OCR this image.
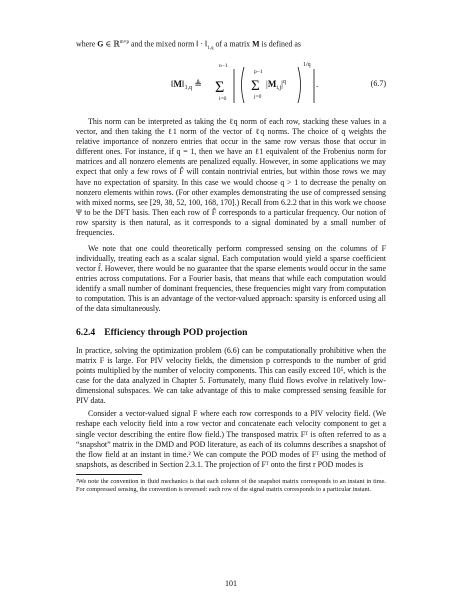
where G ∈ ℝ$^{m\times p}$ and the mixed norm ‖ · $‖_{1,q}$ of a matrix M is defined as

$‖M‖_{1,q}$ ≜
n−1
Σ
i=0
p−1
Σ
j=0
$|M_{i,j}|^q$
1/q
.	(6.7)

This norm can be interpreted as taking the ℓq norm of each row, stacking these values in a vector, and then taking the ℓ1 norm of the vector of ℓq norms. The choice of q weights the relative importance of nonzero entries that occur in the same row versus those that occur in different ones. For instance, if q = 1, then we have an ℓ1 equivalent of the Frobenius norm for matrices and all nonzero elements are penalized equally. However, in some applications we may expect that only a few rows of F̂ will contain nontrivial entries, but within those rows we may have no expectation of sparsity. In this case we would choose q > 1 to decrease the penalty on nonzero elements within rows. (For other examples demonstrating the use of compressed sensing with mixed norms, see [29, 38, 52, 100, 168, 170].) Recall from 6.2.2 that in this work we choose Ψ to be the DFT basis. Then each row of F̂ corresponds to a particular frequency. Our notion of row sparsity is then natural, as it corresponds to a signal dominated by a small number of frequencies.

We note that one could theoretically perform compressed sensing on the columns of F individually, treating each as a scalar signal. Each computation would yield a sparse coefficient vector f̂. However, there would be no guarantee that the sparse elements would occur in the same entries across computations. For a Fourier basis, that means that while each computation would identify a small number of dominant frequencies, these frequencies might vary from computation to computation. This is an advantage of the vector-valued approach: sparsity is enforced using all of the data simultaneously.

6.2.4 Efficiency through POD projection

In practice, solving the optimization problem (6.6) can be computationally prohibitive when the matrix F is large. For PIV velocity fields, the dimension p corresponds to the number of grid points multiplied by the number of velocity components. This can easily exceed 10⁵, which is the case for the data analyzed in Chapter 5. Fortunately, many fluid flows evolve in relatively low-dimensional subspaces. We can take advantage of this to make compressed sensing feasible for PIV data.

Consider a vector-valued signal F where each row corresponds to a PIV velocity field. (We reshape each velocity field into a row vector and concatenate each velocity component to get a single vector describing the entire flow field.) The transposed matrix Fᵀ is often referred to as a “snapshot” matrix in the DMD and POD literature, as each of its columns describes a snapshot of the flow field at an instant in time.² We can compute the POD modes of Fᵀ using the method of snapshots, as described in Section 2.3.1. The projection of Fᵀ onto the first r POD modes is

²We note the convention in fluid mechanics is that each column of the snapshot matrix corresponds to an instant in time. For compressed sensing, the convention is reversed: each row of the signal matrix corresponds to a particular instant.

101
